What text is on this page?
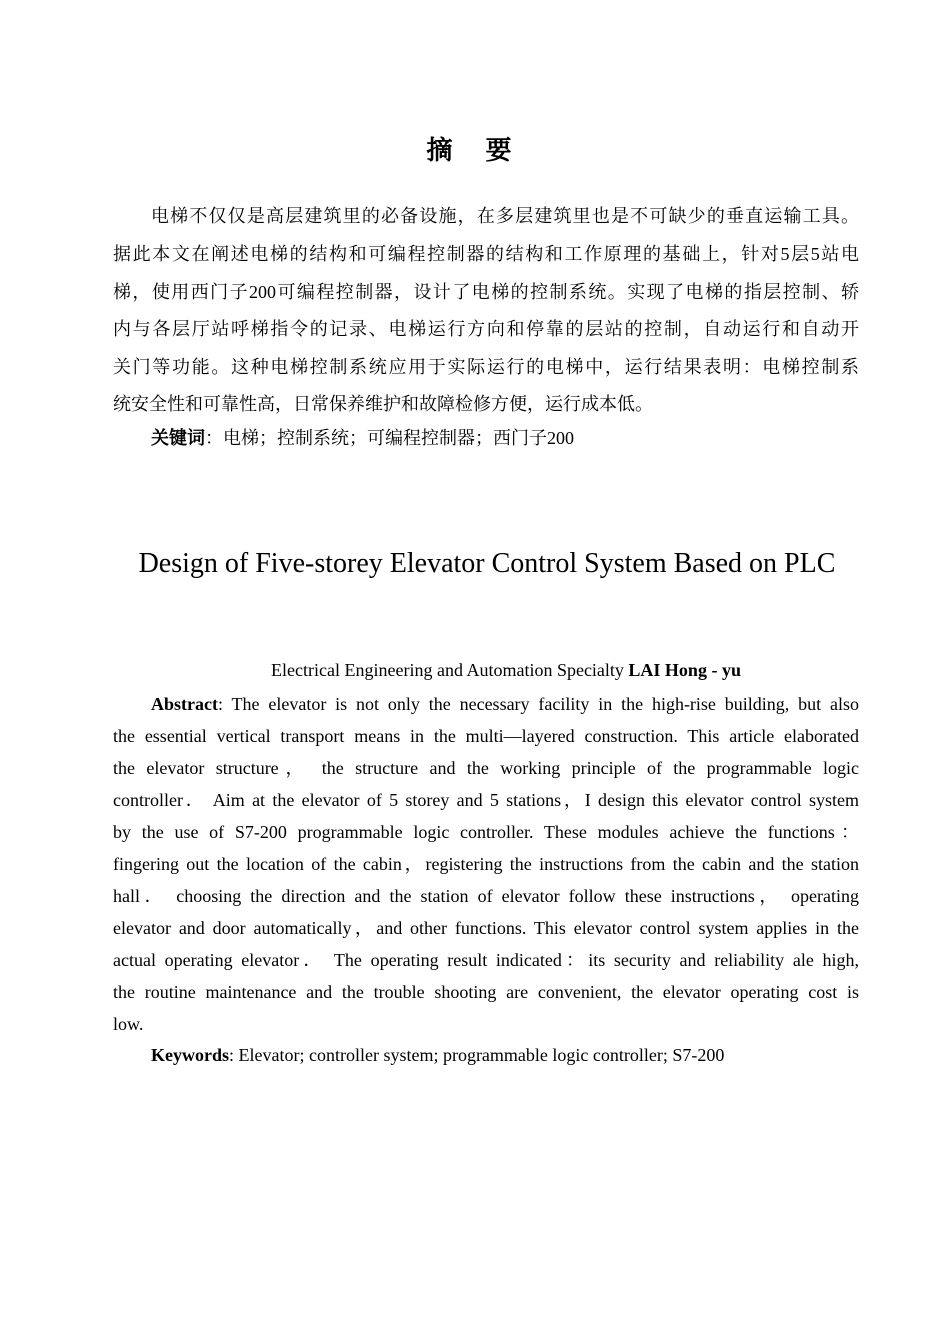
摘 要
电梯不仅仅是高层建筑里的必备设施，在多层建筑里也是不可缺少的垂直运输工具。
据此本文在阐述电梯的结构和可编程控制器的结构和工作原理的基础上，针对5层5站电
梯，使用西门子200可编程控制器，设计了电梯的控制系统。实现了电梯的指层控制、轿
内与各层厅站呼梯指令的记录、电梯运行方向和停靠的层站的控制，自动运行和自动开
关门等功能。这种电梯控制系统应用于实际运行的电梯中，运行结果表明：电梯控制系
统安全性和可靠性高，日常保养维护和故障检修方便，运行成本低。
关键词：电梯；控制系统；可编程控制器；西门子200
Design of Five-storey Elevator Control System Based on PLC
Electrical Engineering and Automation Specialty LAI Hong - yu
Abstract: The elevator is not only the necessary facility in the high-rise building, but also
the essential vertical transport means in the multi—layered construction. This article elaborated
the elevator structure， the structure and the working principle of the programmable logic
controller． Aim at the elevator of 5 storey and 5 stations，I design this elevator control system
by the use of S7-200 programmable logic controller. These modules achieve the functions：
fingering out the location of the cabin，registering the instructions from the cabin and the station
hall． choosing the direction and the station of elevator follow these instructions， operating
elevator and door automatically，and other functions. This elevator control system applies in the
actual operating elevator． The operating result indicated：its security and reliability ale high,
the routine maintenance and the trouble shooting are convenient, the elevator operating cost is
low.
Keywords: Elevator; controller system; programmable logic controller; S7-200
